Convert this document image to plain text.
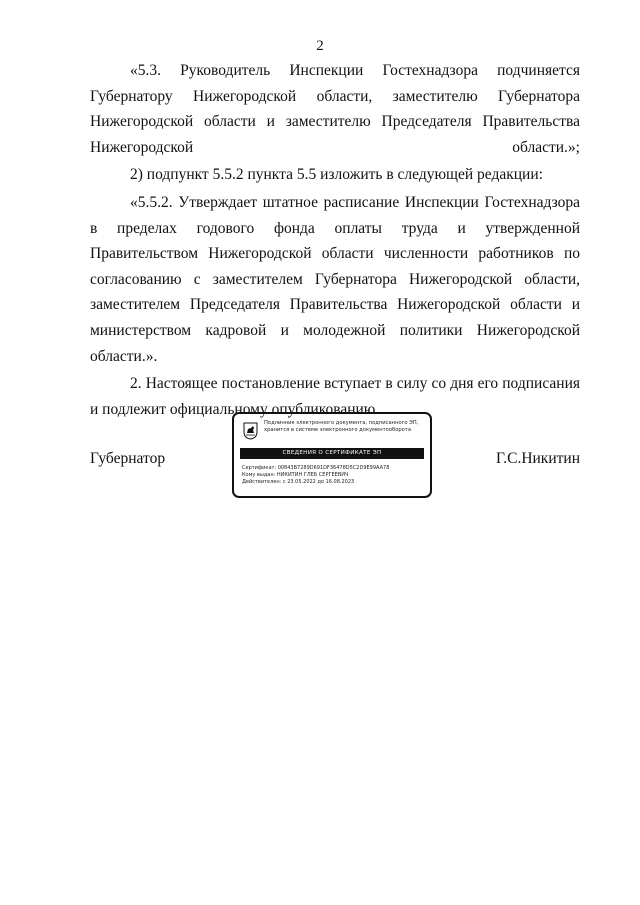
2

«5.3. Руководитель Инспекции Гостехнадзора подчиняется Губернатору Нижегородской области, заместителю Губернатора Нижегородской области и заместителю Председателя Правительства Нижегородской области.»;

2) подпункт 5.5.2 пункта 5.5 изложить в следующей редакции:

«5.5.2. Утверждает штатное расписание Инспекции Гостехнадзора в пределах годового фонда оплаты труда и утвержденной Правительством Нижегородской области численности работников по согласованию с заместителем Губернатора Нижегородской области, заместителем Председателя Правительства Нижегородской области и министерством кадровой и молодежной политики Нижегородской области.».

2. Настоящее постановление вступает в силу со дня его подписания и подлежит официальному опубликованию.

Губернатор
Подлинник электронного документа, подписанного ЭП,
хранится в системе электронного документооборота
СВЕДЕНИЯ О СЕРТИФИКАТЕ ЭП
Сертификат: 00843B7289D691DF36478D5C2D9E99AA78
Кому выдан: НИКИТИН ГЛЕБ СЕРГЕЕВИЧ
Действителен: с 23.05.2022 до 16.08.2023
Г.С.Никитин
